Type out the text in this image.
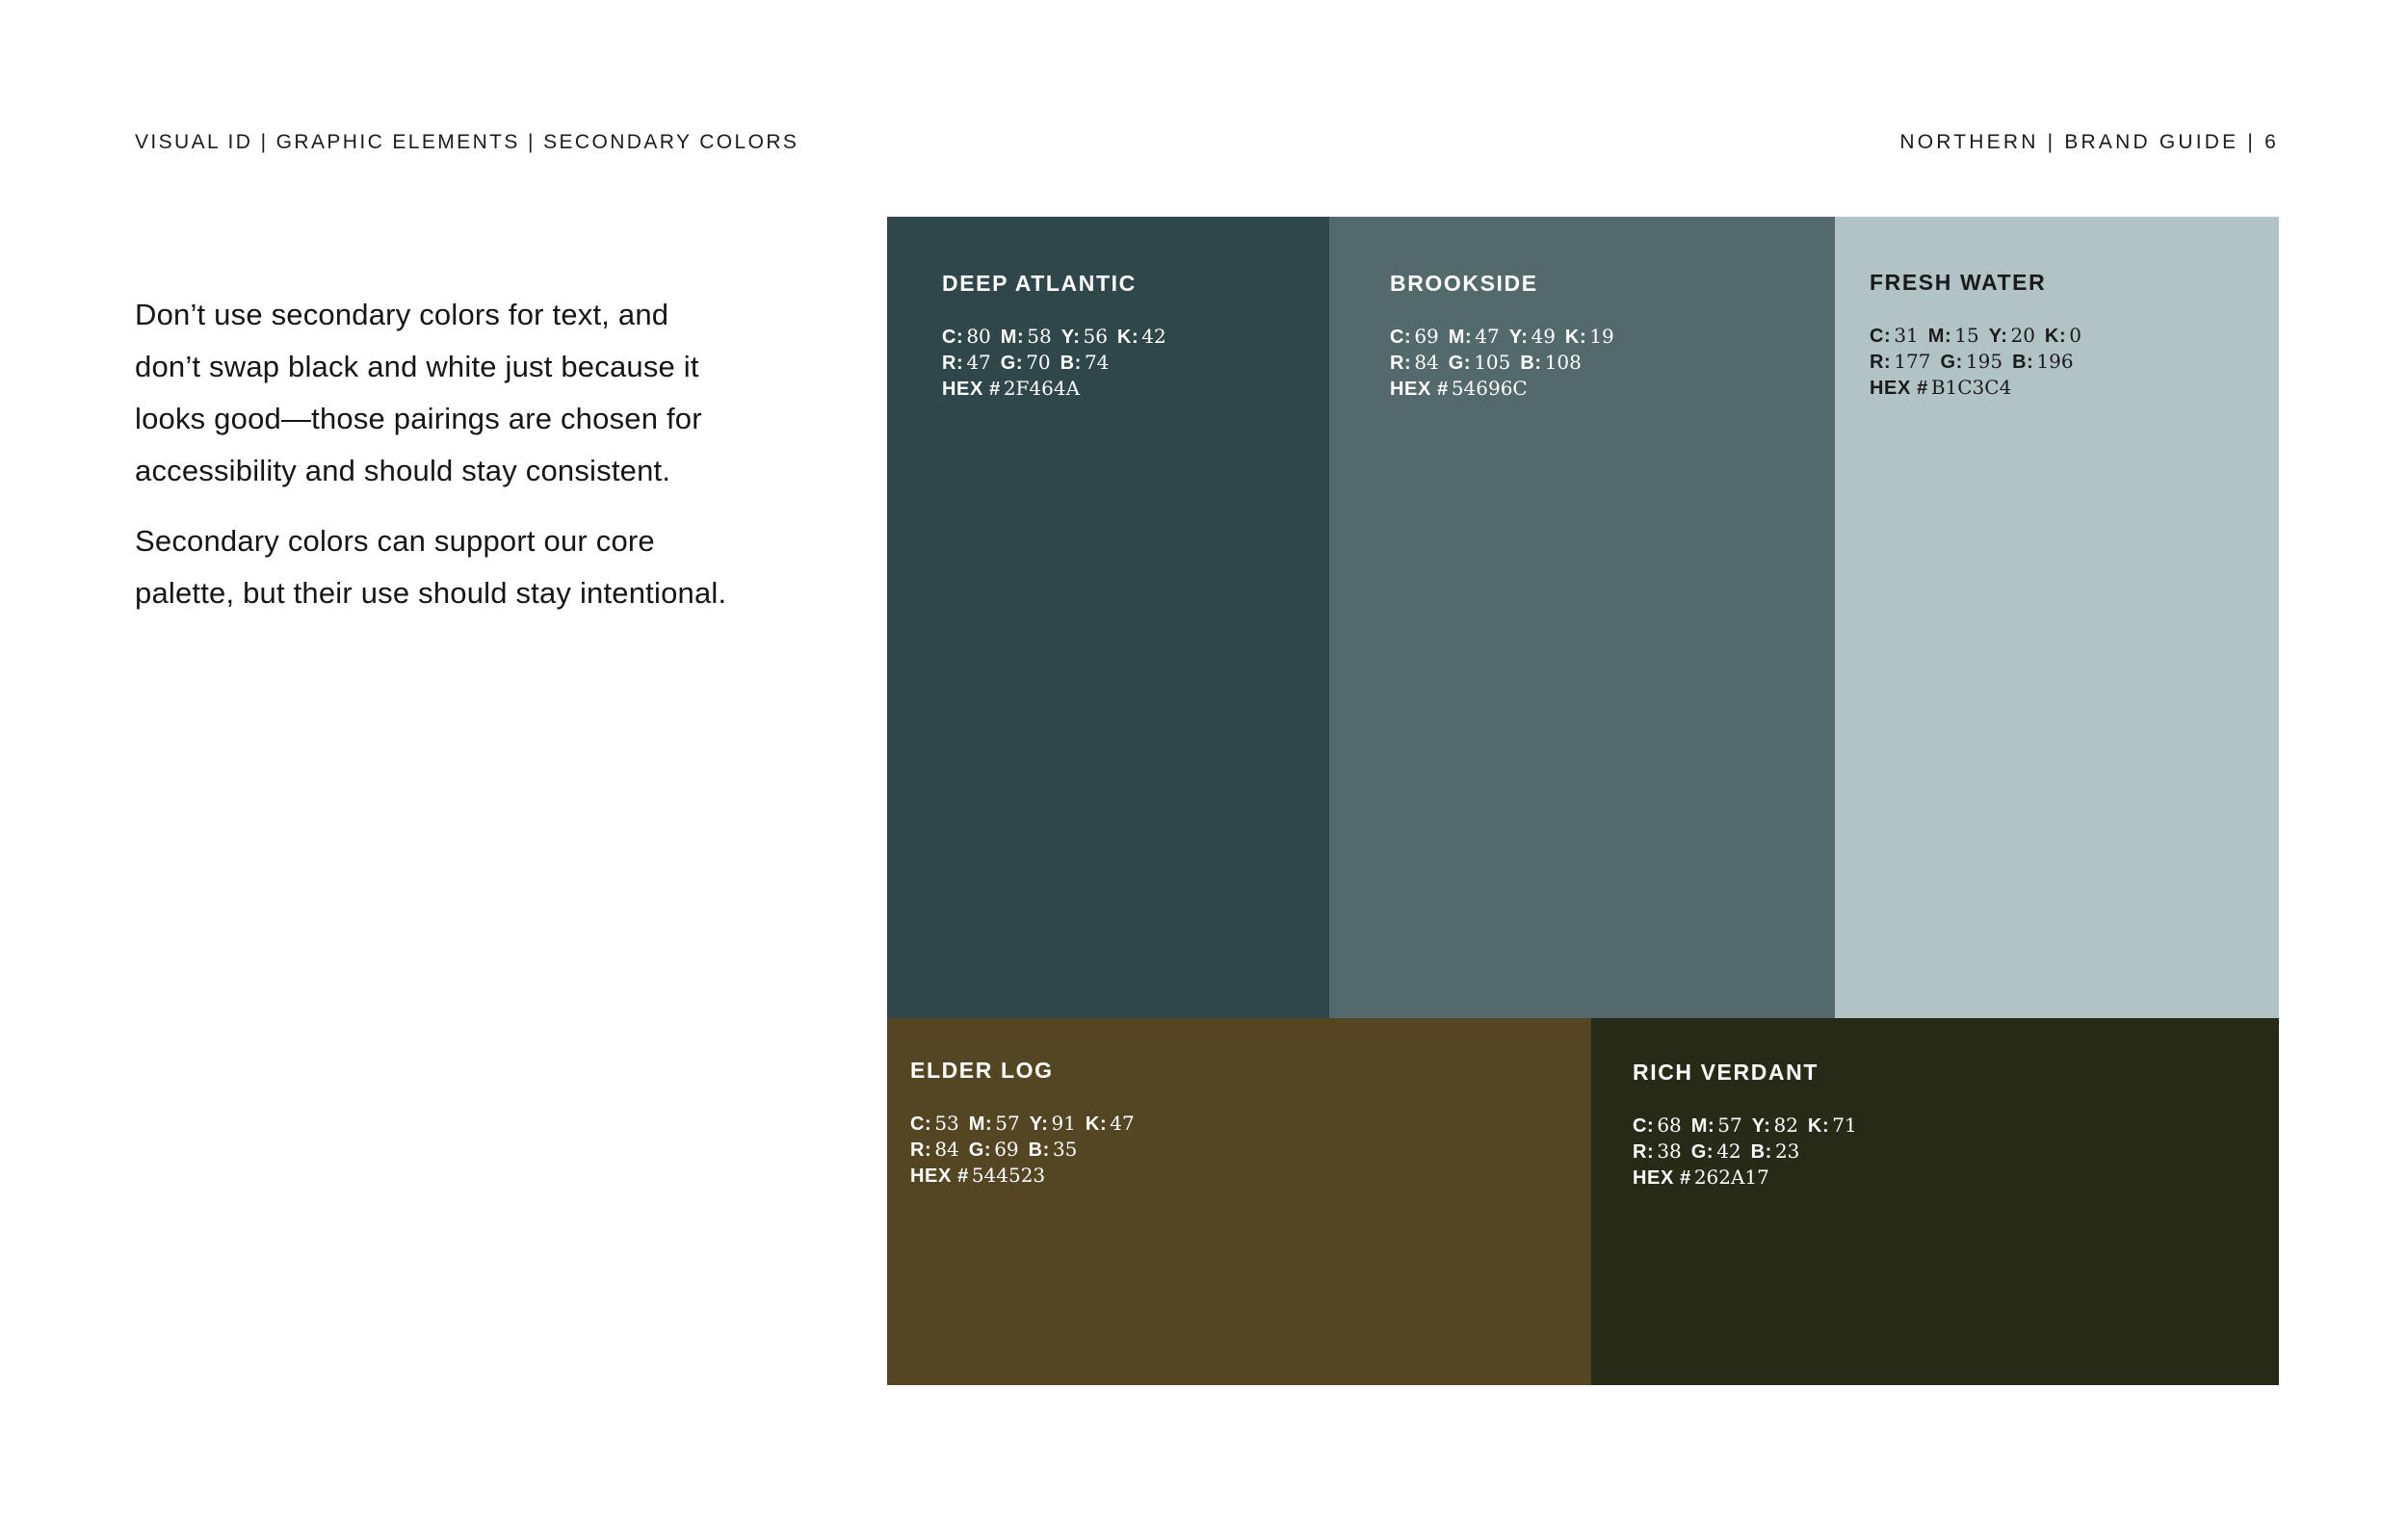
VISUAL ID | GRAPHIC ELEMENTS | SECONDARY COLORS	NORTHERN | BRAND GUIDE | 6
Don’t use secondary colors for text, and
don’t swap black and white just because it
looks good—those pairings are chosen for
accessibility and should stay consistent.
Secondary colors can support our core
palette, but their use should stay intentional.
DEEP ATLANTIC
C: 80 M: 58 Y: 56 K: 42
R: 47 G: 70 B: 74
HEX # 2F464A
BROOKSIDE
C: 69 M: 47 Y: 49 K: 19
R: 84 G: 105 B: 108
HEX # 54696C
FRESH WATER
C: 31 M: 15 Y: 20 K: 0
R: 177 G: 195 B: 196
HEX # B1C3C4
ELDER LOG
C: 53 M: 57 Y: 91 K: 47
R: 84 G: 69 B: 35
HEX # 544523
RICH VERDANT
C: 68 M: 57 Y: 82 K: 71
R: 38 G: 42 B: 23
HEX # 262A17
